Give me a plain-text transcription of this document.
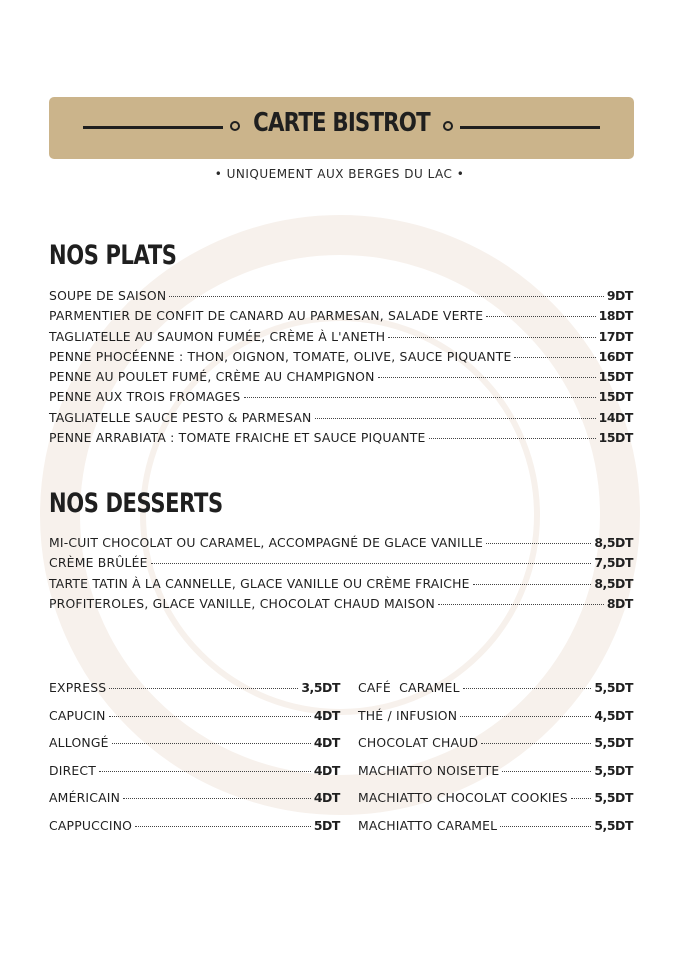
CARTE BISTROT
• UNIQUEMENT AUX BERGES DU LAC •
NOS PLATS
SOUPE DE SAISON	9DT
PARMENTIER DE CONFIT DE CANARD AU PARMESAN, SALADE VERTE	18DT
TAGLIATELLE AU SAUMON FUMÉE, CRÈME À L'ANETH	17DT
PENNE PHOCÉENNE : THON, OIGNON, TOMATE, OLIVE, SAUCE PIQUANTE	16DT
PENNE AU POULET FUMÉ, CRÈME AU CHAMPIGNON	15DT
PENNE AUX TROIS FROMAGES	15DT
TAGLIATELLE SAUCE PESTO & PARMESAN	14DT
PENNE ARRABIATA : TOMATE FRAICHE ET SAUCE PIQUANTE	15DT
NOS DESSERTS
MI-CUIT CHOCOLAT OU CARAMEL, ACCOMPAGNÉ DE GLACE VANILLE	8,5DT
CRÈME BRÛLÉE	7,5DT
TARTE TATIN À LA CANNELLE, GLACE VANILLE OU CRÈME FRAICHE	8,5DT
PROFITEROLES, GLACE VANILLE, CHOCOLAT CHAUD MAISON	8DT
EXPRESS	3,5DT
CAPUCIN	4DT
ALLONGÉ	4DT
DIRECT	4DT
AMÉRICAIN	4DT
CAPPUCCINO	5DT
CAFÉ  CARAMEL	5,5DT
THÉ / INFUSION	4,5DT
CHOCOLAT CHAUD	5,5DT
MACHIATTO NOISETTE	5,5DT
MACHIATTO CHOCOLAT COOKIES 5,5DT
MACHIATTO CARAMEL	5,5DT
